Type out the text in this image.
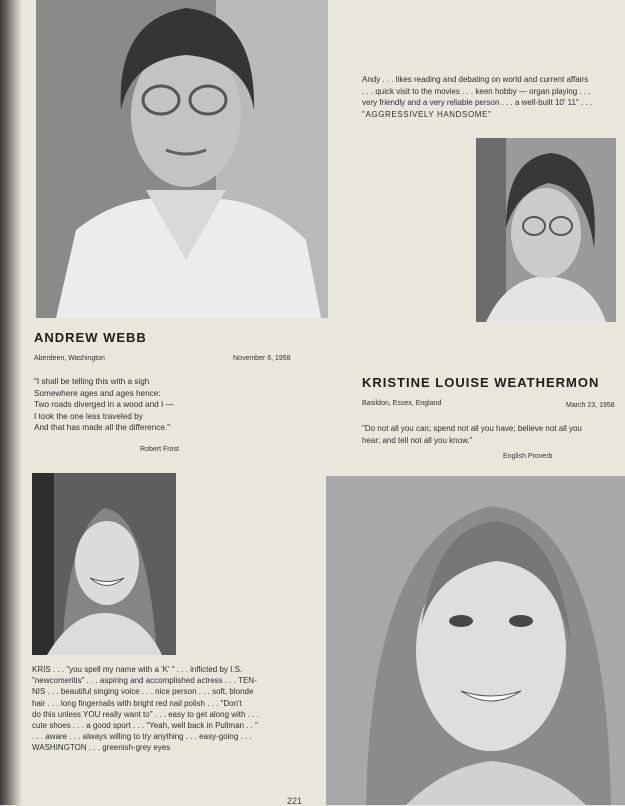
ANDREW WEBB
Aberdeen, Washington	November 6, 1958
"I shall be telling this with a sigh
Somewhere ages and ages hence:
Two roads diverged in a wood and I —
I took the one less traveled by
And that has made all the difference."
Robert Frost
Andy . . . likes reading and debating on world and current affairs
. . . quick visit to the movies . . . keen hobby — organ playing . . .
very friendly and a very reliable person . . . a well-built 10' 11" . . .
"AGGRESSIVELY HANDSOME"
KRISTINE LOUISE WEATHERMON
Basildon, Essex, England	March 23, 1958
"Do not all you can; spend not all you have; believe not all you
hear; and tell not all you know."
English Proverb
KRIS . . . "you spell my name with a 'K' " . . . inflicted by I.S.
"newcomeritis" . . . aspiring and accomplished actress . . . TEN-
NIS . . . beautiful singing voice . . . nice person . . . soft, blonde
hair . . . long fingernails with bright red nail polish . . . "Don't
do this unless YOU really want to" . . . easy to get along with . . .
cute shoes . . . a good sport . . . "Yeah, well back in Pullman . . "
. . . aware . . . always willing to try anything . . . easy-going . . .
WASHINGTON . . . greenish-grey eyes
221
